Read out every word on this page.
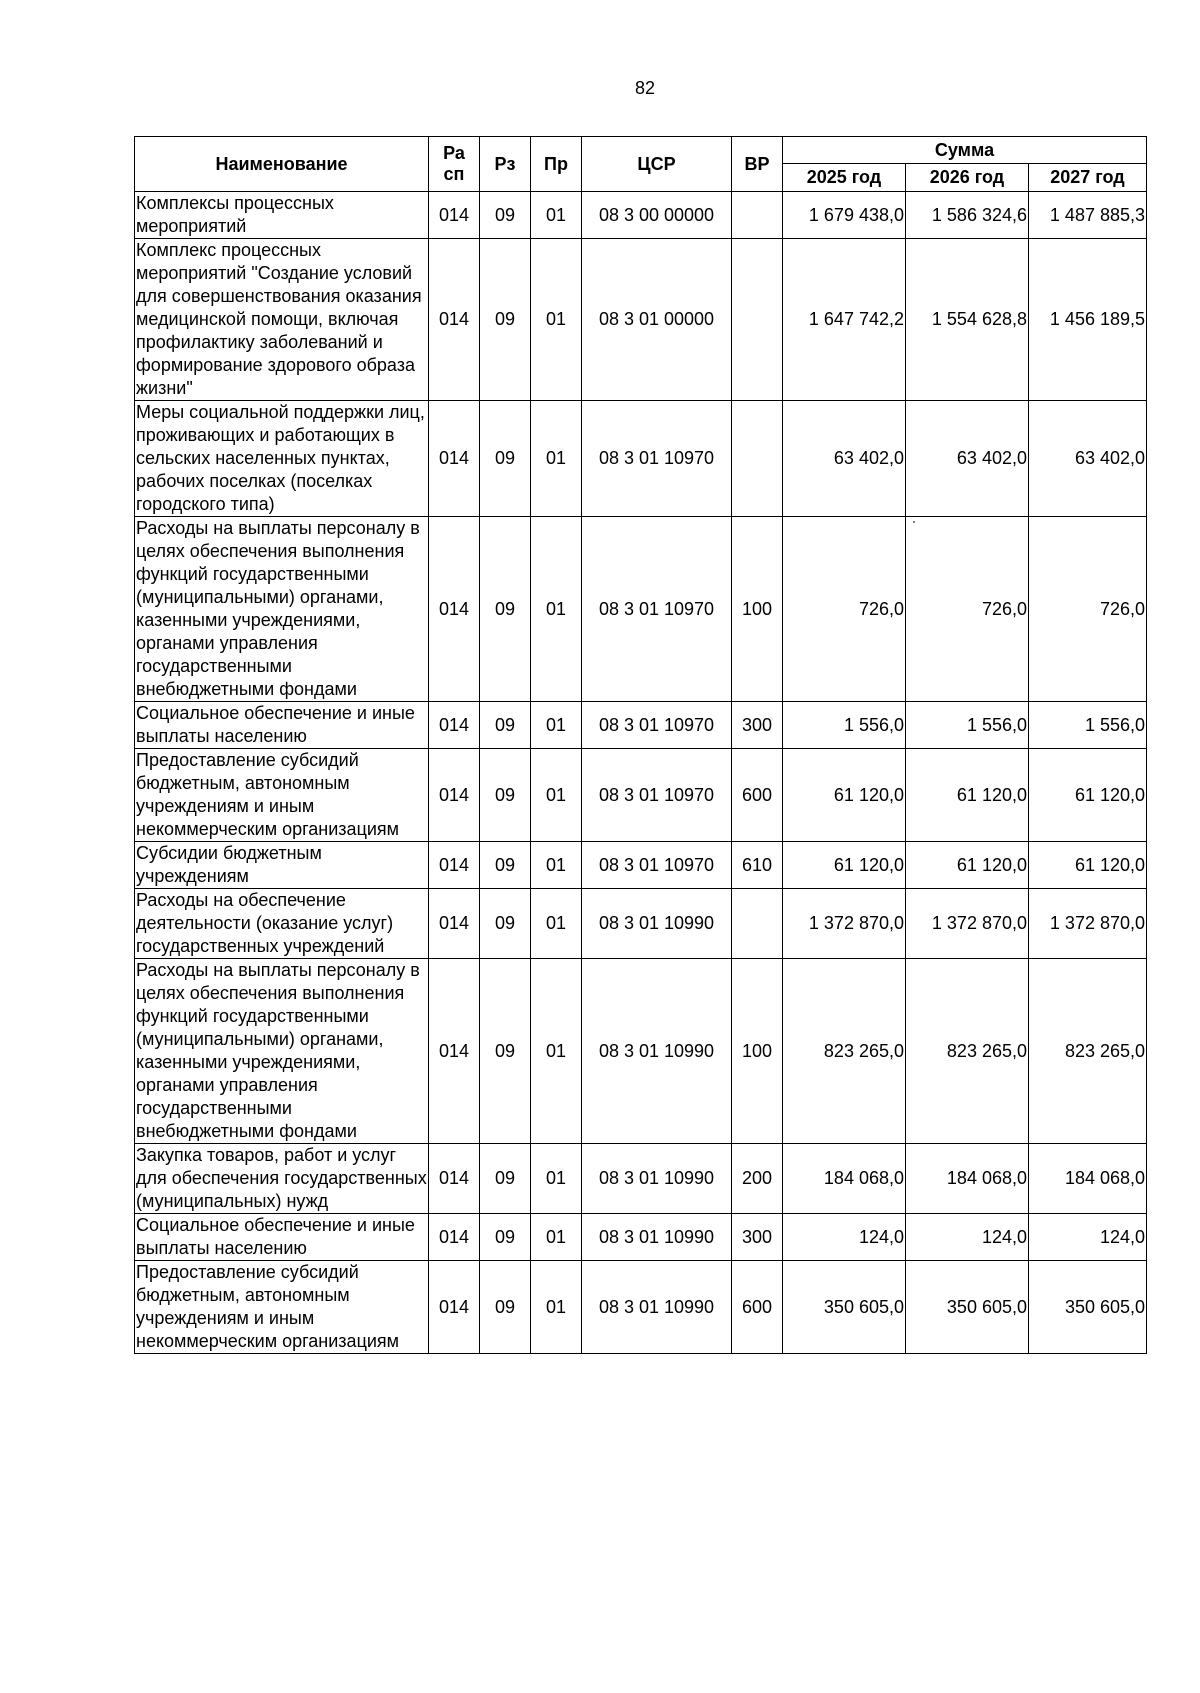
82
Наименование	Ра сп	Рз	Пр	ЦСР	ВР	Сумма		
						2025 год	2026 год	2027 год
Комплексы процессных мероприятий	014	09	01	08 3 00 00000		1 679 438,0	1 586 324,6	1 487 885,3
Комплекс процессных мероприятий "Создание условий для совершенствования оказания медицинской помощи, включая профилактику заболеваний и формирование здорового образа жизни"	014	09	01	08 3 01 00000		1 647 742,2	1 554 628,8	1 456 189,5
Меры социальной поддержки лиц, проживающих и работающих в сельских населенных пунктах, рабочих поселках (поселках городского типа)	014	09	01	08 3 01 10970		63 402,0	63 402,0	63 402,0
Расходы на выплаты персоналу в целях обеспечения выполнения функций государственными (муниципальными) органами, казенными учреждениями, органами управления государственными внебюджетными фондами	014	09	01	08 3 01 10970	100	726,0	726,0	726,0
Социальное обеспечение и иные выплаты населению	014	09	01	08 3 01 10970	300	1 556,0	1 556,0	1 556,0
Предоставление субсидий бюджетным, автономным учреждениям и иным некоммерческим организациям	014	09	01	08 3 01 10970	600	61 120,0	61 120,0	61 120,0
Субсидии бюджетным учреждениям	014	09	01	08 3 01 10970	610	61 120,0	61 120,0	61 120,0
Расходы на обеспечение деятельности (оказание услуг) государственных учреждений	014	09	01	08 3 01 10990		1 372 870,0	1 372 870,0	1 372 870,0
Расходы на выплаты персоналу в целях обеспечения выполнения функций государственными (муниципальными) органами, казенными учреждениями, органами управления государственными внебюджетными фондами	014	09	01	08 3 01 10990	100	823 265,0	823 265,0	823 265,0
Закупка товаров, работ и услуг для обеспечения государственных (муниципальных) нужд	014	09	01	08 3 01 10990	200	184 068,0	184 068,0	184 068,0
Социальное обеспечение и иные выплаты населению	014	09	01	08 3 01 10990	300	124,0	124,0	124,0
Предоставление субсидий бюджетным, автономным учреждениям и иным некоммерческим организациям	014	09	01	08 3 01 10990	600	350 605,0	350 605,0	350 605,0
